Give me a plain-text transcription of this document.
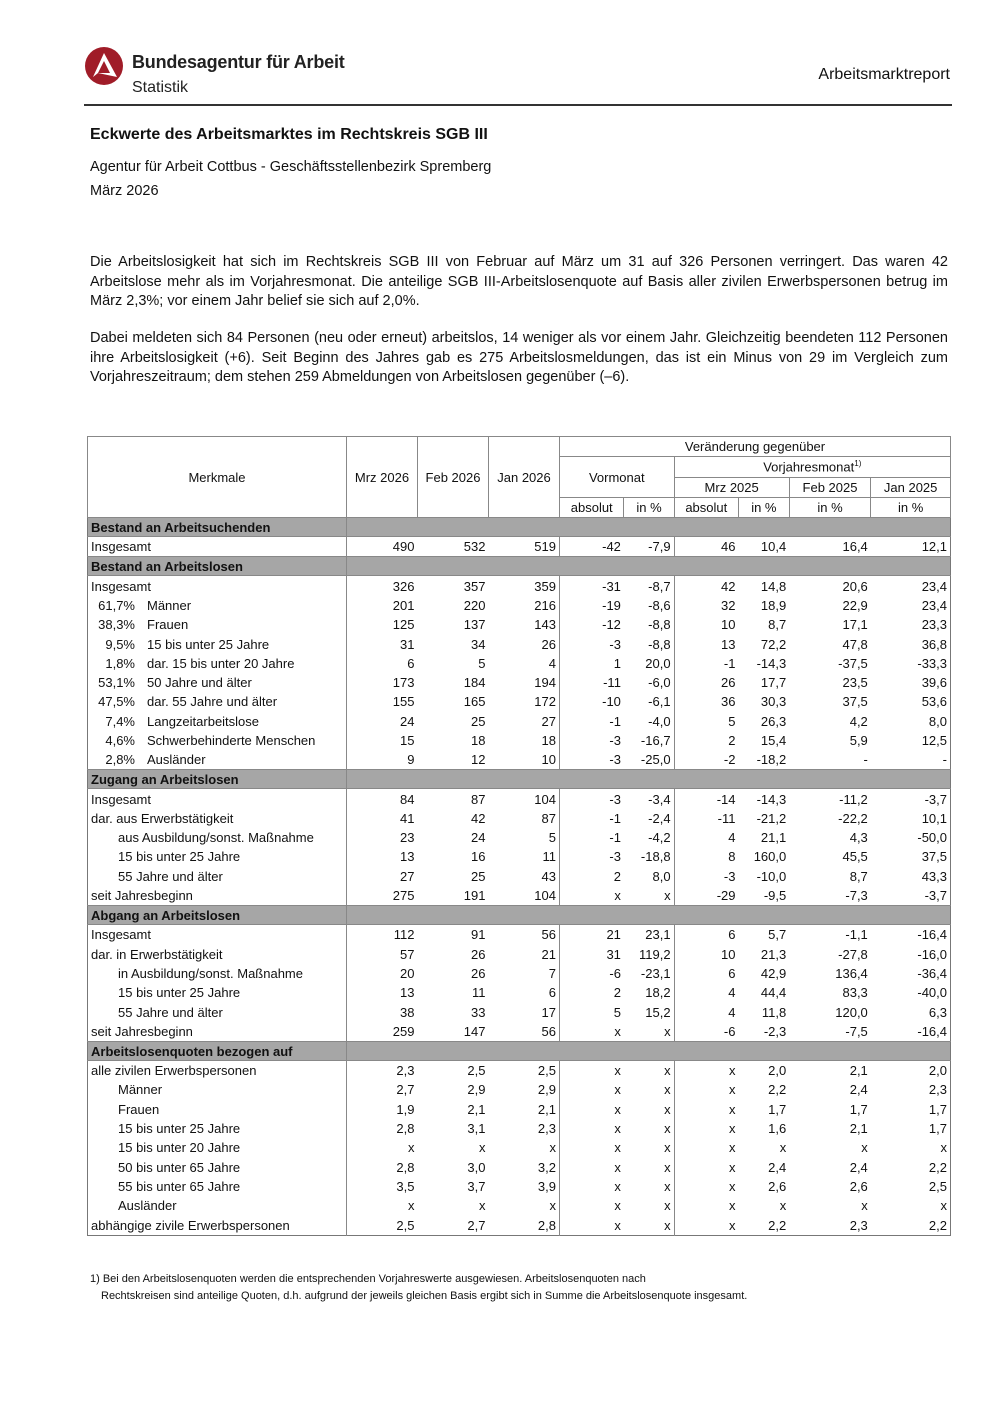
Bundesagentur für Arbeit
Statistik
Arbeitsmarktreport
Eckwerte des Arbeitsmarktes im Rechtskreis SGB III
Agentur für Arbeit Cottbus - Geschäftsstellenbezirk Spremberg
März 2026
Die Arbeitslosigkeit hat sich im Rechtskreis SGB III von Februar auf März um 31 auf 326 Personen verringert. Das waren 42 Arbeitslose mehr als im Vorjahresmonat. Die anteilige SGB III-Arbeitslosenquote auf Basis aller zivilen Erwerbspersonen betrug im März 2,3%; vor einem Jahr belief sie sich auf 2,0%.
Dabei meldeten sich 84 Personen (neu oder erneut) arbeitslos, 14 weniger als vor einem Jahr. Gleichzeitig beendeten 112 Personen ihre Arbeitslosigkeit (+6). Seit Beginn des Jahres gab es 275 Arbeitslosmeldungen, das ist ein Minus von 29 im Vergleich zum Vorjahreszeitraum; dem stehen 259 Abmeldungen von Arbeitslosen gegenüber (–6).
Merkmale	Mrz 2026	Feb 2026	Jan 2026	Veränderung gegenüber					
				Vormonat		Vorjahresmonat$^{1)}$
						Mrz 2025		Feb 2025	Jan 2025
				absolut	in %	absolut	in %	in %	in %
Bestand an Arbeitsuchenden									
Insgesamt	490	532	519	-42	-7,9	46	10,4	16,4	12,1
Bestand an Arbeitslosen									
Insgesamt	326	357	359	-31	-8,7	42	14,8	20,6	23,4
61,7% Männer	201	220	216	-19	-8,6	32	18,9	22,9	23,4
38,3% Frauen	125	137	143	-12	-8,8	10	8,7	17,1	23,3
9,5% 15 bis unter 25 Jahre	31	34	26	-3	-8,8	13	72,2	47,8	36,8
1,8% dar. 15 bis unter 20 Jahre	6	5	4	1	20,0	-1	-14,3	-37,5	-33,3
53,1% 50 Jahre und älter	173	184	194	-11	-6,0	26	17,7	23,5	39,6
47,5% dar. 55 Jahre und älter	155	165	172	-10	-6,1	36	30,3	37,5	53,6
7,4% Langzeitarbeitslose	24	25	27	-1	-4,0	5	26,3	4,2	8,0
4,6% Schwerbehinderte Menschen	15	18	18	-3	-16,7	2	15,4	5,9	12,5
2,8% Ausländer	9	12	10	-3	-25,0	-2	-18,2	-	-
Zugang an Arbeitslosen									
Insgesamt	84	87	104	-3	-3,4	-14	-14,3	-11,2	-3,7
dar. aus Erwerbstätigkeit	41	42	87	-1	-2,4	-11	-21,2	-22,2	10,1
aus Ausbildung/sonst. Maßnahme	23	24	5	-1	-4,2	4	21,1	4,3	-50,0
15 bis unter 25 Jahre	13	16	11	-3	-18,8	8	160,0	45,5	37,5
55 Jahre und älter	27	25	43	2	8,0	-3	-10,0	8,7	43,3
seit Jahresbeginn	275	191	104	x	x	-29	-9,5	-7,3	-3,7
Abgang an Arbeitslosen									
Insgesamt	112	91	56	21	23,1	6	5,7	-1,1	-16,4
dar. in Erwerbstätigkeit	57	26	21	31	119,2	10	21,3	-27,8	-16,0
in Ausbildung/sonst. Maßnahme	20	26	7	-6	-23,1	6	42,9	136,4	-36,4
15 bis unter 25 Jahre	13	11	6	2	18,2	4	44,4	83,3	-40,0
55 Jahre und älter	38	33	17	5	15,2	4	11,8	120,0	6,3
seit Jahresbeginn	259	147	56	x	x	-6	-2,3	-7,5	-16,4
Arbeitslosenquoten bezogen auf									
alle zivilen Erwerbspersonen	2,3	2,5	2,5	x	x	x	2,0	2,1	2,0
Männer	2,7	2,9	2,9	x	x	x	2,2	2,4	2,3
Frauen	1,9	2,1	2,1	x	x	x	1,7	1,7	1,7
15 bis unter 25 Jahre	2,8	3,1	2,3	x	x	x	1,6	2,1	1,7
15 bis unter 20 Jahre	x	x	x	x	x	x	x	x	x
50 bis unter 65 Jahre	2,8	3,0	3,2	x	x	x	2,4	2,4	2,2
55 bis unter 65 Jahre	3,5	3,7	3,9	x	x	x	2,6	2,6	2,5
Ausländer	x	x	x	x	x	x	x	x	x
abhängige zivile Erwerbspersonen	2,5	2,7	2,8	x	x	x	2,2	2,3	2,2
1) Bei den Arbeitslosenquoten werden die entsprechenden Vorjahreswerte ausgewiesen. Arbeitslosenquoten nach
Rechtskreisen sind anteilige Quoten, d.h. aufgrund der jeweils gleichen Basis ergibt sich in Summe die Arbeitslosenquote insgesamt.
